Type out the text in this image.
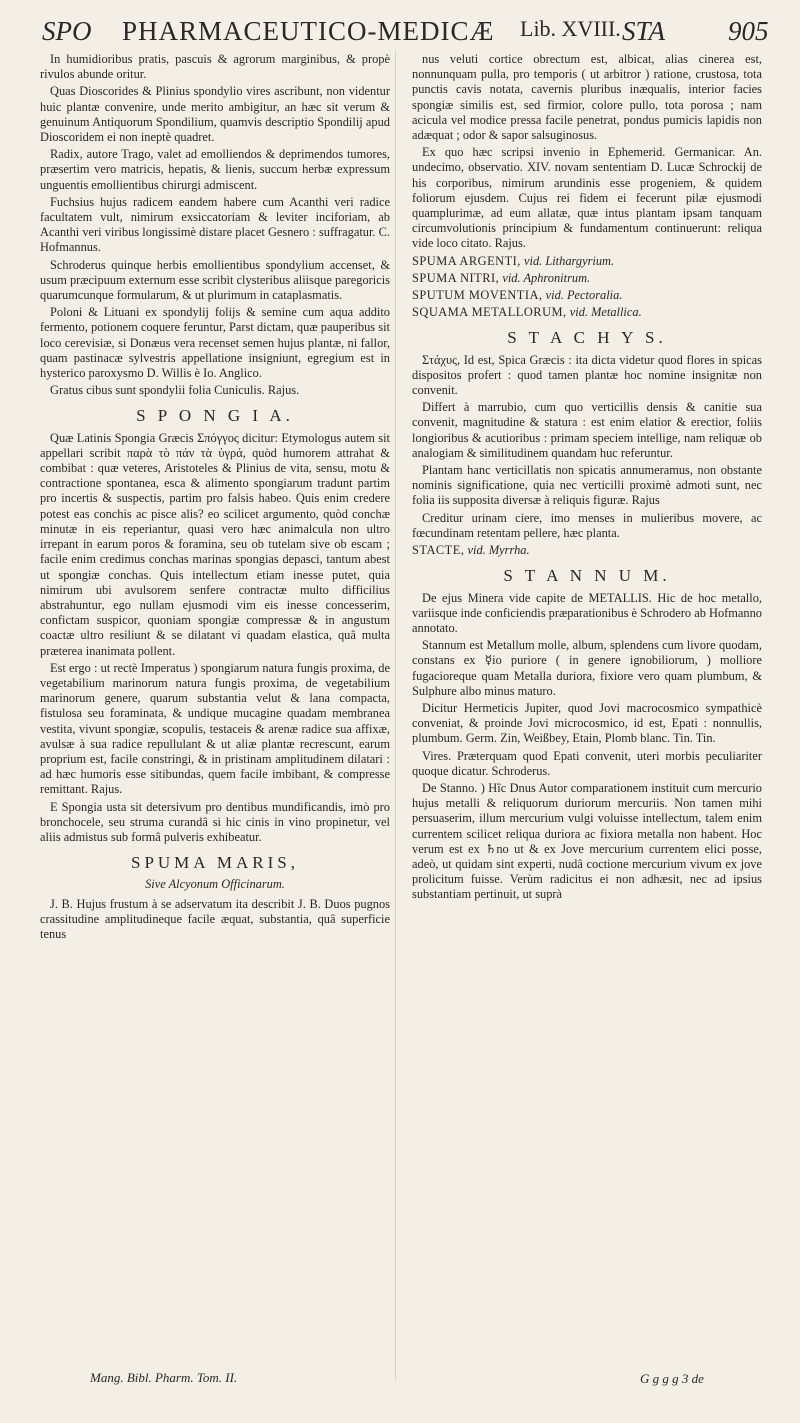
SPO PHARMACEUTICO-MEDICÆ Lib. XVIII. STA 905

In humidioribus pratis, pascuis & agrorum marginibus, & propè rivulos abunde oritur.

Quas Dioscorides & Plinius spondylio vires ascribunt, non videntur huic plantæ convenire, unde merito ambigitur, an hæc sit verum & genuinum Antiquorum Spondilium, quamvis descriptio Spondilij apud Dioscoridem ei non ineptè quadret.

Radix, autore Trago, valet ad emolliendos & deprimendos tumores, præsertim vero matricis, hepatis, & lienis, succum herbæ expressum unguentis emollientibus chirurgi admiscent.

Fuchsius hujus radicem eandem habere cum Acanthi veri radice facultatem vult, nimirum exsiccatoriam & leviter inciforiam, ab Acanthi veri viribus longissimè distare placet Gesnero : suffragatur. C. Hofmannus.

Schroderus quinque herbis emollientibus spondylium accenset, & usum præcipuum externum esse scribit clysteribus aliisque paregoricis quarumcunque formularum, & ut plurimum in cataplasmatis.

Poloni & Lituani ex spondylij folijs & semine cum aqua addito fermento, potionem coquere feruntur, Parst dictam, quæ pauperibus sit loco cerevisiæ, si Donæus vera recenset semen hujus plantæ, ni fallor, quam pastinacæ sylvestris appellatione insigniunt, egregium est in hysterico paroxysmo D. Willis è Io. Anglico.

Gratus cibus sunt spondylii folia Cuniculis. Rajus.

S P O N G I A.

Quæ Latinis Spongia Græcis Σπόγγος dicitur: Etymologus autem sit appellari scribit παρὰ τὸ πάν τὰ ὑγρά, quòd humorem attrahat & combibat : quæ veteres, Aristoteles & Plinius de vita, sensu, motu & contractione spontanea, esca & alimento spongiarum tradunt partim pro incertis & suspectis, partim pro falsis habeo. Quis enim credere potest eas conchis ac pisce alis? eo scilicet argumento, quòd conchæ minutæ in eis reperiantur, quasi vero hæc animalcula non ultro irrepant in earum poros & foramina, seu ob tutelam sive ob escam ; facile enim credimus conchas marinas spongias depasci, tantum abest ut spongiæ conchas. Quis intellectum etiam inesse putet, quia nimirum ubi avulsorem senfere contractæ multo difficilius abstrahuntur, ego nullam ejusmodi vim eis inesse concesserim, confictam suspicor, quoniam spongiæ compressæ & in angustum coactæ ultro resiliunt & se dilatant vi quadam elastica, quâ multa præterea inanimata pollent.

Est ergo : ut rectè Imperatus ) spongiarum natura fungis proxima, de vegetabilium marinorum natura fungis proxima, de vegetabilium marinorum genere, quarum substantia velut & lana compacta, fistulosa seu foraminata, & undique mucagine quadam membranea vestita, vivunt spongiæ, scopulis, testaceis & arenæ radice sua affixæ, avulsæ à sua radice repullulant & ut aliæ plantæ recrescunt, earum proprium est, facile constringi, & in pristinam amplitudinem dilatari : ad hæc humoris esse sitibundas, quem facile imbibant, & compresse remittant. Rajus.

E Spongia usta sit detersivum pro dentibus mundificandis, imò pro bronchocele, seu struma curandâ si hic cinis in vino propinetur, vel aliis admistus sub formâ pulveris exhibeatur.

SPUMA MARIS,
Sive Alcyonum Officinarum.

J. B. Hujus frustum à se adservatum ita describit J. B. Duos pugnos crassitudine amplitudineque facile æquat, substantia, quâ superficie tenus

nus veluti cortice obrectum est, albicat, alias cinerea est, nonnunquam pulla, pro temporis ( ut arbitror ) ratione, crustosa, tota punctis cavis notata, cavernis pluribus inæqualis, interior facies spongiæ similis est, sed firmior, colore pullo, tota porosa ; nam acicula vel modice pressa facile penetrat, pondus pumicis lapidis non adæquat ; odor & sapor salsuginosus.

Ex quo hæc scripsi invenio in Ephemerid. Germanicar. An. undecimo, observatio. XIV. novam sententiam D. Lucæ Schrockij de his corporibus, nimirum arundinis esse progeniem, & quidem foliorum ejusdem. Cujus rei fidem ei fecerunt pilæ ejusmodi quamplurimæ, ad eum allatæ, quæ intus plantam ipsam tanquam circumvolutionis principium & fundamentum continuerunt: reliqua vide loco citato. Rajus.

SPUMA ARGENTI, vid. Lithargyrium.

SPUMA NITRI, vid. Aphronitrum.

SPUTUM MOVENTIA, vid. Pectoralia.

SQUAMA METALLORUM, vid. Metallica.

S T A C H Y S.

Στάχυς, Id est, Spica Græcis : ita dicta videtur quod flores in spicas dispositos profert : quod tamen plantæ hoc nomine insignitæ non convenit.

Differt à marrubio, cum quo verticillis densis & canitie sua convenit, magnitudine & statura : est enim elatior & erectior, foliis longioribus & acutioribus : primam speciem intellige, nam reliquæ ob analogiam & similitudinem quandam huc referuntur.

Plantam hanc verticillatis non spicatis annumeramus, non obstante nominis significatione, quia nec verticilli proximè admoti sunt, nec folia iis supposita diversæ à reliquis figuræ. Rajus

Creditur urinam ciere, imo menses in mulieribus movere, ac fœcundinam retentam pellere, hæc planta.

STACTE, vid. Myrrha.

S T A N N U M.

De ejus Minera vide capite de METALLIS. Hic de hoc metallo, variisque inde conficiendis præparationibus è Schrodero ab Hofmanno annotato.

Stannum est Metallum molle, album, splendens cum livore quodam, constans ex ☿io puriore ( in genere ignobiliorum, ) molliore fugacioreque quam Metalla duriora, fixiore vero quam plumbum, & Sulphure albo minus maturo.

Dicitur Hermeticis Jupiter, quod Jovi macrocosmico sympathicè conveniat, & proinde Jovi microcosmico, id est, Epati : nonnullis, plumbum. Germ. Zin, Weißbey, Etain, Plomb blanc. Tin. Tin.

Vires. Præterquam quod Epati convenit, uteri morbis peculiariter quoque dicatur. Schroderus.

De Stanno. ) Hîc Dnus Autor comparationem instituit cum mercurio hujus metalli & reliquorum duriorum mercuriis. Non tamen mihi persuaserim, illum mercurium vulgi voluisse intellectum, talem enim currentem scilicet reliqua duriora ac fixiora metalla non habent. Hoc verum est ex ♄no ut & ex Jove mercurium currentem elici posse, adeò, ut quidam sint experti, nudâ coctione mercurium vivum ex jove prolicitum fuisse. Verùm radicitus ei non adhæsit, nec ad ipsius substantiam pertinuit, ut suprà

Mang. Bibl. Pharm. Tom. II.	G g g g 3 de
